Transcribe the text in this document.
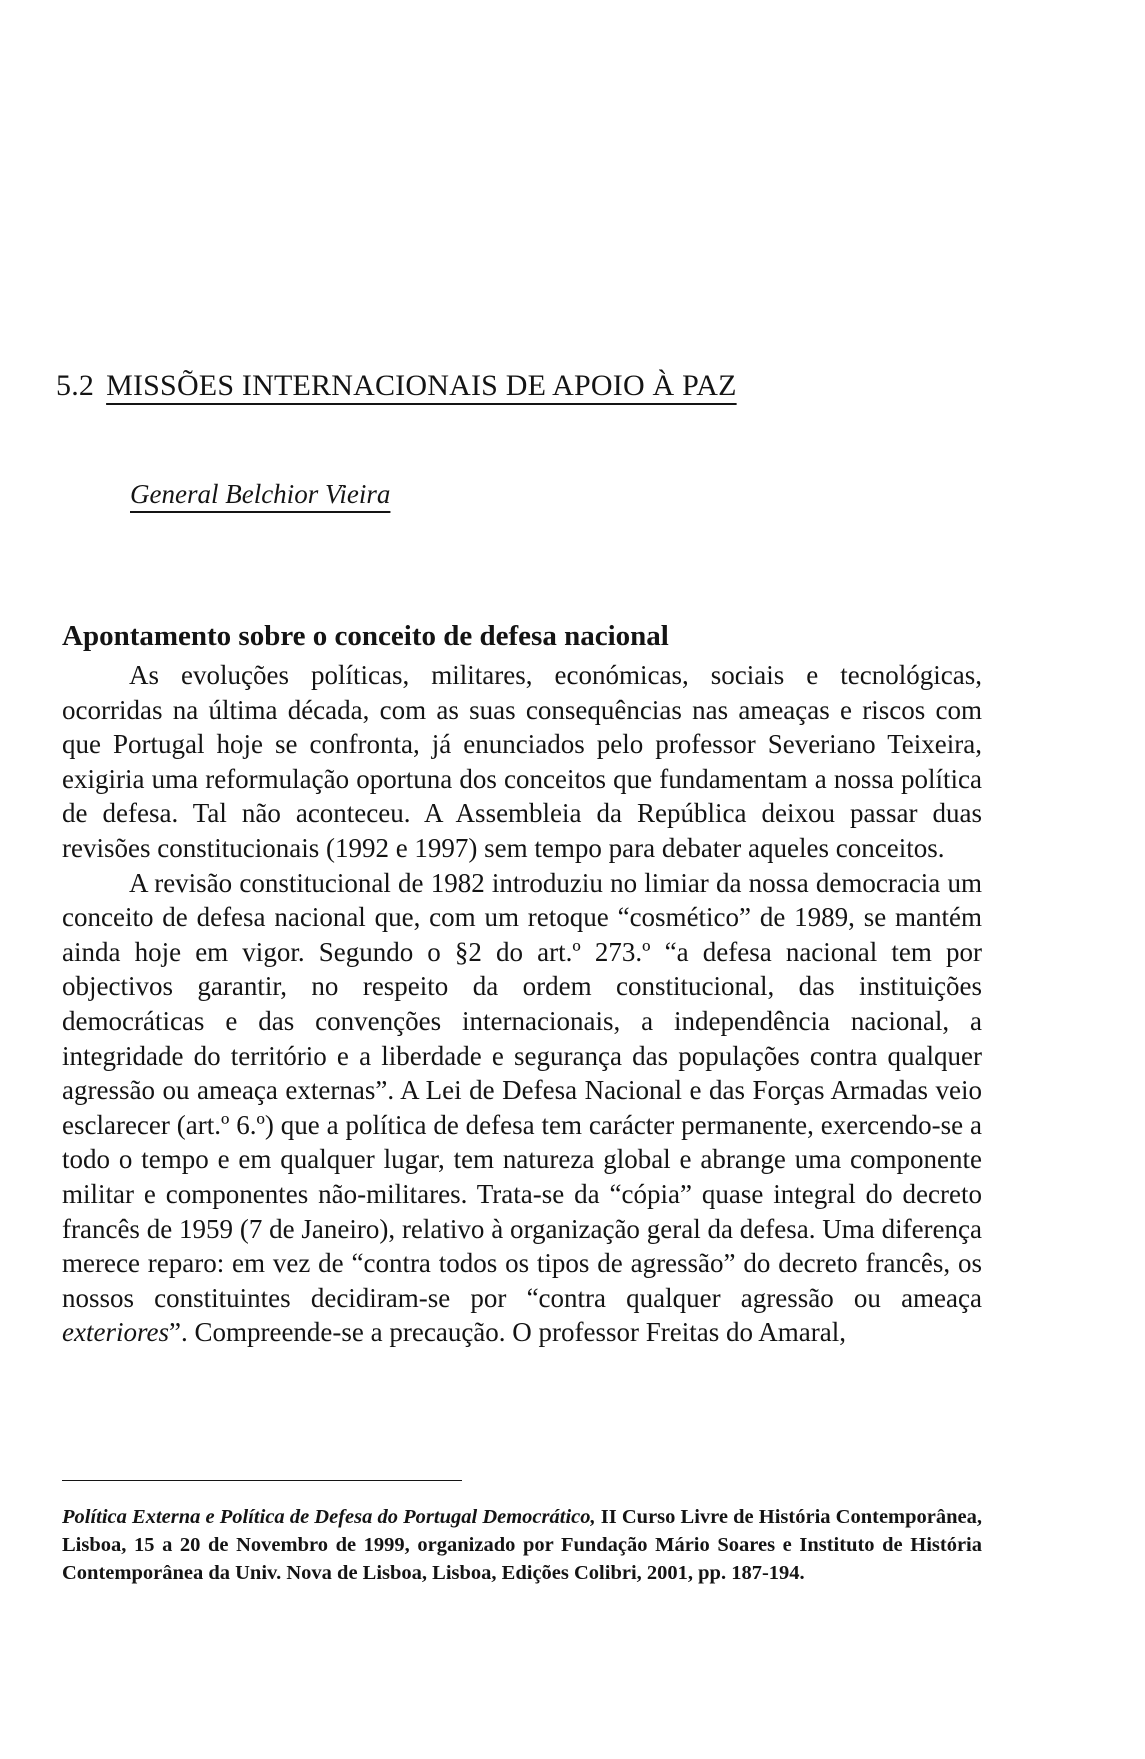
5.2 MISSÕES INTERNACIONAIS DE APOIO À PAZ
General Belchior Vieira
Apontamento sobre o conceito de defesa nacional

As evoluções políticas, militares, económicas, sociais e tecnológicas, ocorridas na última década, com as suas consequências nas ameaças e riscos com que Portugal hoje se confronta, já enunciados pelo professor Severiano Teixeira, exigiria uma reformulação oportuna dos conceitos que fundamentam a nossa política de defesa. Tal não aconteceu. A Assembleia da República deixou passar duas revisões constitucionais (1992 e 1997) sem tempo para debater aqueles conceitos.

A revisão constitucional de 1982 introduziu no limiar da nossa democracia um conceito de defesa nacional que, com um retoque “cosmético” de 1989, se mantém ainda hoje em vigor. Segundo o §2 do art.º 273.º “a defesa nacional tem por objectivos garantir, no respeito da ordem constitucional, das instituições democráticas e das convenções internacionais, a independência nacional, a integridade do território e a liberdade e segurança das populações contra qualquer agressão ou ameaça externas”. A Lei de Defesa Nacional e das Forças Armadas veio esclarecer (art.º 6.º) que a política de defesa tem carácter permanente, exercendo-se a todo o tempo e em qualquer lugar, tem natureza global e abrange uma componente militar e componentes não-militares. Trata-se da “cópia” quase integral do decreto francês de 1959 (7 de Janeiro), relativo à organização geral da defesa. Uma diferença merece reparo: em vez de “contra todos os tipos de agressão” do decreto francês, os nossos constituintes decidiram-se por “contra qualquer agressão ou ameaça exteriores”. Compreende-se a precaução. O professor Freitas do Amaral,

Política Externa e Política de Defesa do Portugal Democrático, II Curso Livre de História Contemporânea, Lisboa, 15 a 20 de Novembro de 1999, organizado por Fundação Mário Soares e Instituto de História Contemporânea da Univ. Nova de Lisboa, Lisboa, Edições Colibri, 2001, pp. 187-194.
